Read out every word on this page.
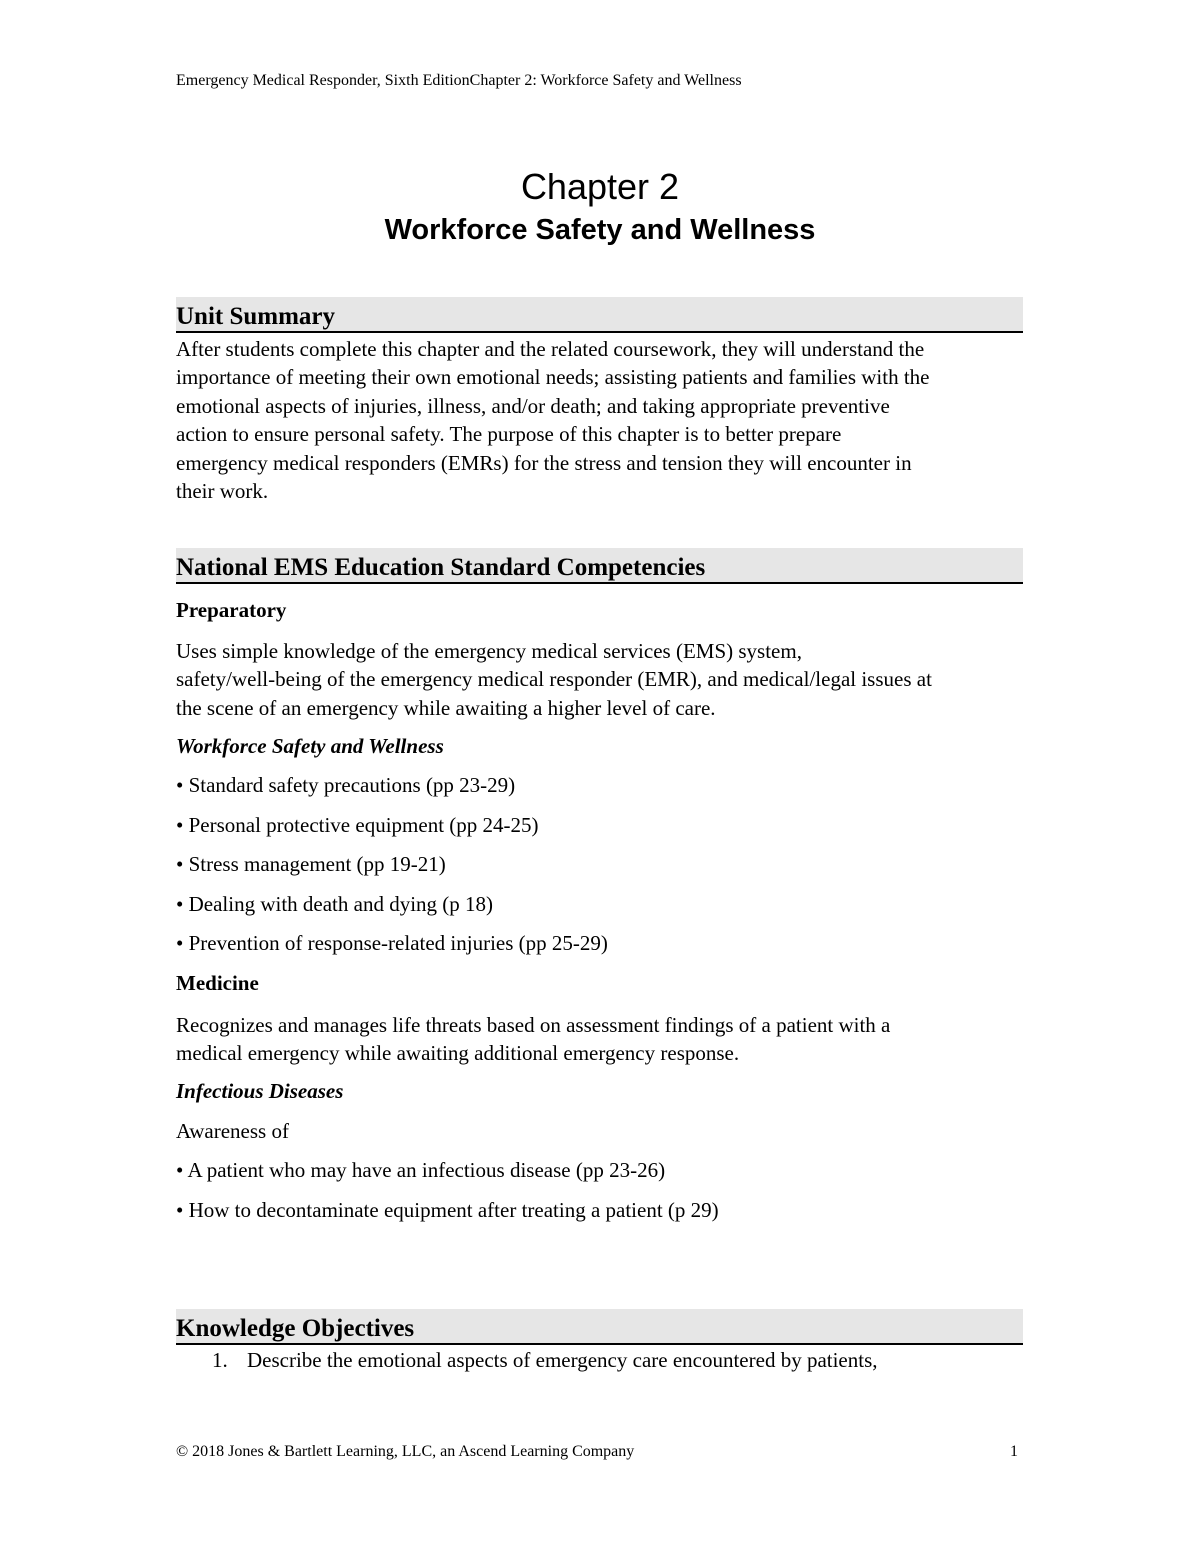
Emergency Medical Responder, Sixth EditionChapter 2: Workforce Safety and Wellness
Chapter 2
Workforce Safety and Wellness
Unit Summary
After students complete this chapter and the related coursework, they will understand the
importance of meeting their own emotional needs; assisting patients and families with the
emotional aspects of injuries, illness, and/or death; and taking appropriate preventive
action to ensure personal safety. The purpose of this chapter is to better prepare
emergency medical responders (EMRs) for the stress and tension they will encounter in
their work.
National EMS Education Standard Competencies
Preparatory
Uses simple knowledge of the emergency medical services (EMS) system,
safety/well-being of the emergency medical responder (EMR), and medical/legal issues at
the scene of an emergency while awaiting a higher level of care.
Workforce Safety and Wellness
• Standard safety precautions (pp 23-29)
• Personal protective equipment (pp 24-25)
• Stress management (pp 19-21)
• Dealing with death and dying (p 18)
• Prevention of response-related injuries (pp 25-29)
Medicine
Recognizes and manages life threats based on assessment findings of a patient with a
medical emergency while awaiting additional emergency response.
Infectious Diseases
Awareness of
• A patient who may have an infectious disease (pp 23-26)
• How to decontaminate equipment after treating a patient (p 29)
Knowledge Objectives
1. Describe the emotional aspects of emergency care encountered by patients,
© 2018 Jones & Bartlett Learning, LLC, an Ascend Learning Company	1
